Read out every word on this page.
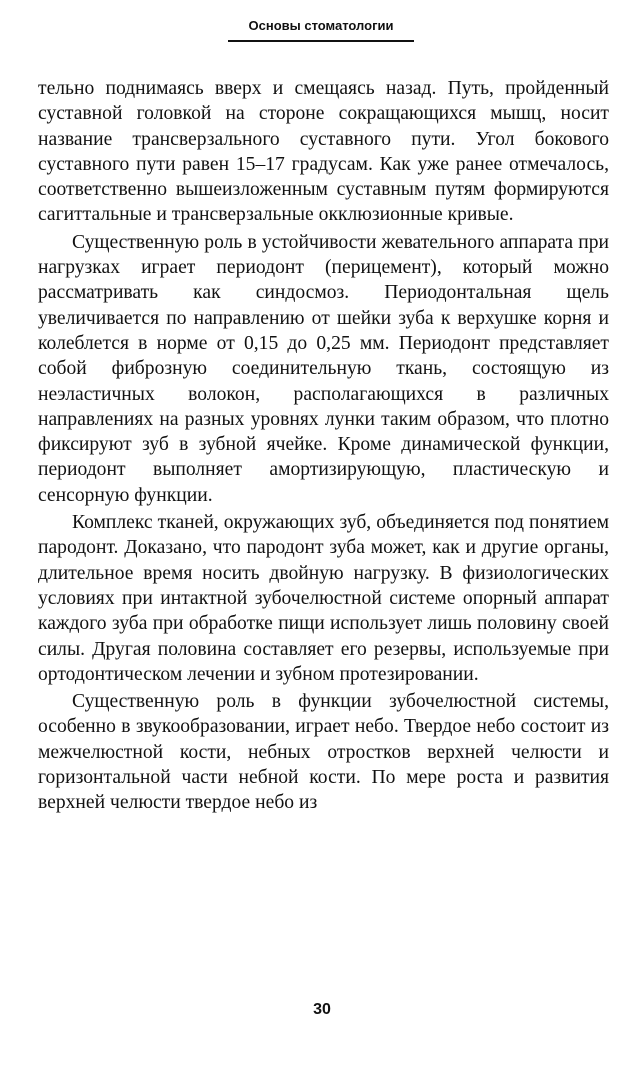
Основы стоматологии

тельно поднимаясь вверх и смещаясь назад. Путь, пройденный суставной головкой на стороне сокращающихся мышц, носит название трансверзального суставного пути. Угол бокового суставного пути равен 15–17 градусам. Как уже ранее отмечалось, соответственно вышеизложенным суставным путям формируются сагиттальные и трансверзальные окклюзионные кривые.

Существенную роль в устойчивости жевательного аппарата при нагрузках играет периодонт (перицемент), который можно рассматривать как синдосмоз. Периодонтальная щель увеличивается по направлению от шейки зуба к верхушке корня и колеблется в норме от 0,15 до 0,25 мм. Периодонт представляет собой фиброзную соединительную ткань, состоящую из неэластичных волокон, располагающихся в различных направлениях на разных уровнях лунки таким образом, что плотно фиксируют зуб в зубной ячейке. Кроме динамической функции, периодонт выполняет амортизирующую, пластическую и сенсорную функции.

Комплекс тканей, окружающих зуб, объединяется под понятием пародонт. Доказано, что пародонт зуба может, как и другие органы, длительное время носить двойную нагрузку. В физиологических условиях при интактной зубочелюстной системе опорный аппарат каждого зуба при обработке пищи использует лишь половину своей силы. Другая половина составляет его резервы, используемые при ортодонтическом лечении и зубном протезировании.

Существенную роль в функции зубочелюстной системы, особенно в звукообразовании, играет небо. Твердое небо состоит из межчелюстной кости, небных отростков верхней челюсти и горизонтальной части небной кости. По мере роста и развития верхней челюсти твердое небо из

30
